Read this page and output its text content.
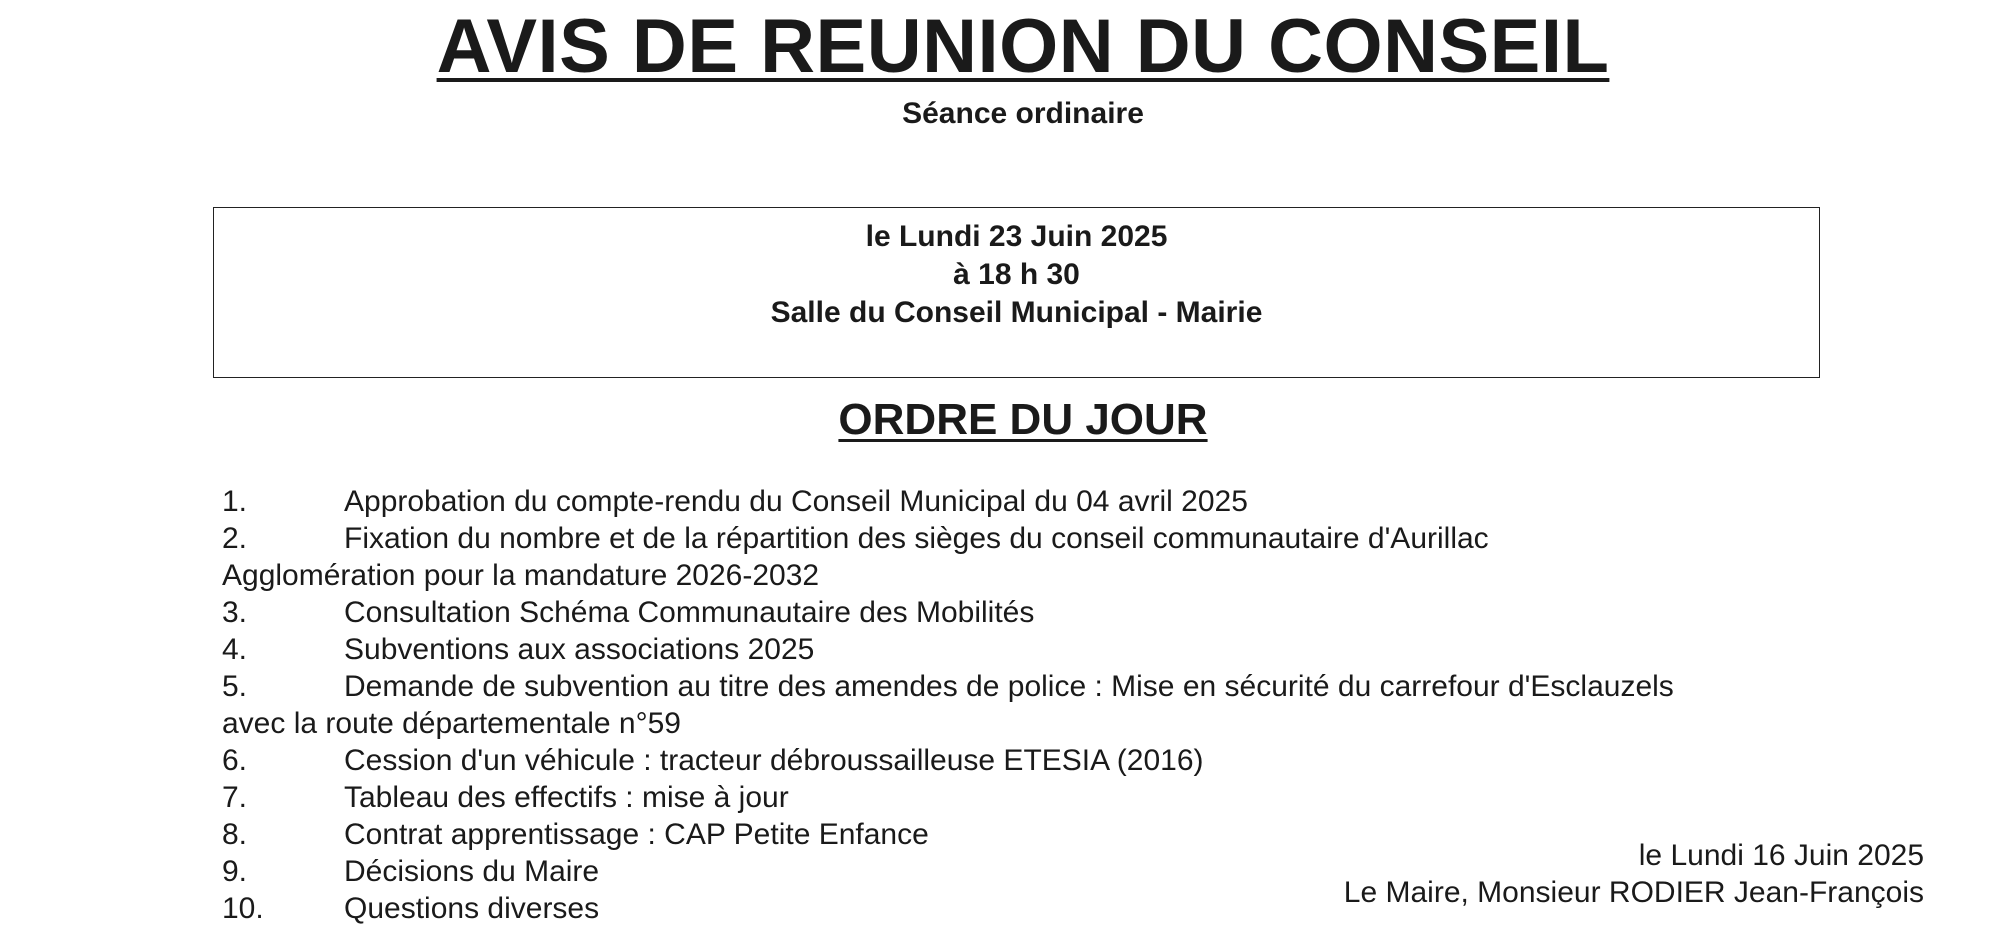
AVIS DE REUNION DU CONSEIL
Séance ordinaire
le Lundi 23 Juin 2025
à 18 h 30
Salle du Conseil Municipal - Mairie
ORDRE DU JOUR
1.	Approbation du compte-rendu du Conseil Municipal du 04 avril 2025
2.	Fixation du nombre et de la répartition des sièges du conseil communautaire d'Aurillac
Agglomération pour la mandature 2026-2032
3.	Consultation Schéma Communautaire des Mobilités
4.	Subventions aux associations 2025
5.	Demande de subvention au titre des amendes de police : Mise en sécurité du carrefour d'Esclauzels
avec la route départementale n°59
6.	Cession d'un véhicule : tracteur débroussailleuse ETESIA (2016)
7.	Tableau des effectifs : mise à jour
8.	Contrat apprentissage : CAP Petite Enfance
9.	Décisions du Maire
10.	Questions diverses
le Lundi 16 Juin 2025
Le Maire, Monsieur RODIER Jean-François
